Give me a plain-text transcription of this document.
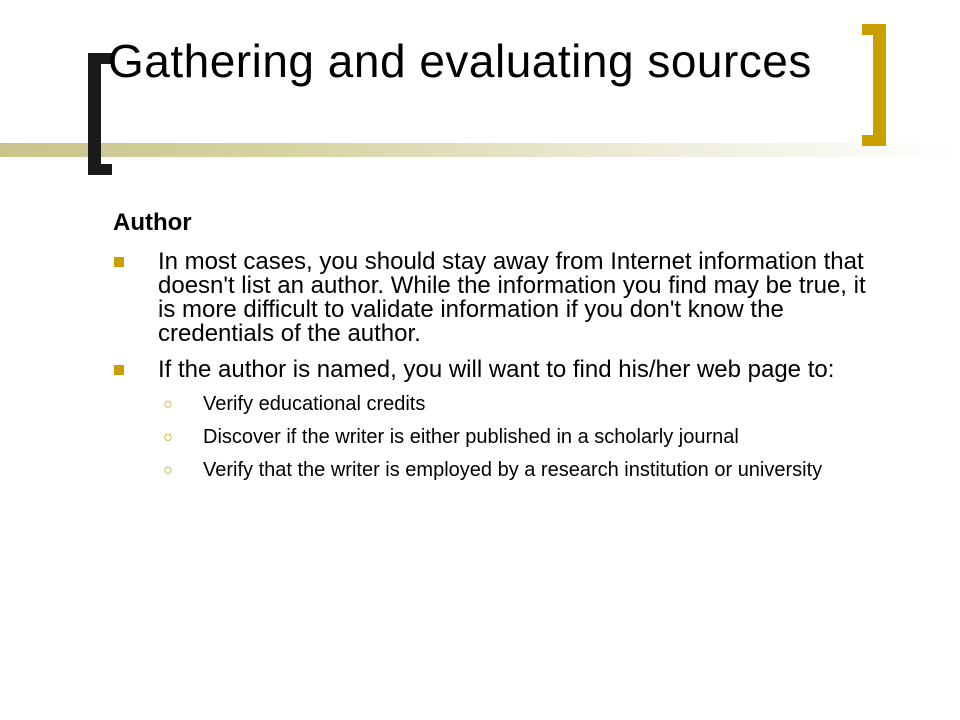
Gathering and evaluating sources
Author
In most cases, you should stay away from Internet information that doesn't list an author. While the information you find may be true, it is more difficult to validate information if you don't know the credentials of the author.
If the author is named, you will want to find his/her web page to:
○ Verify educational credits
○ Discover if the writer is either published in a scholarly journal
○ Verify that the writer is employed by a research institution or university
